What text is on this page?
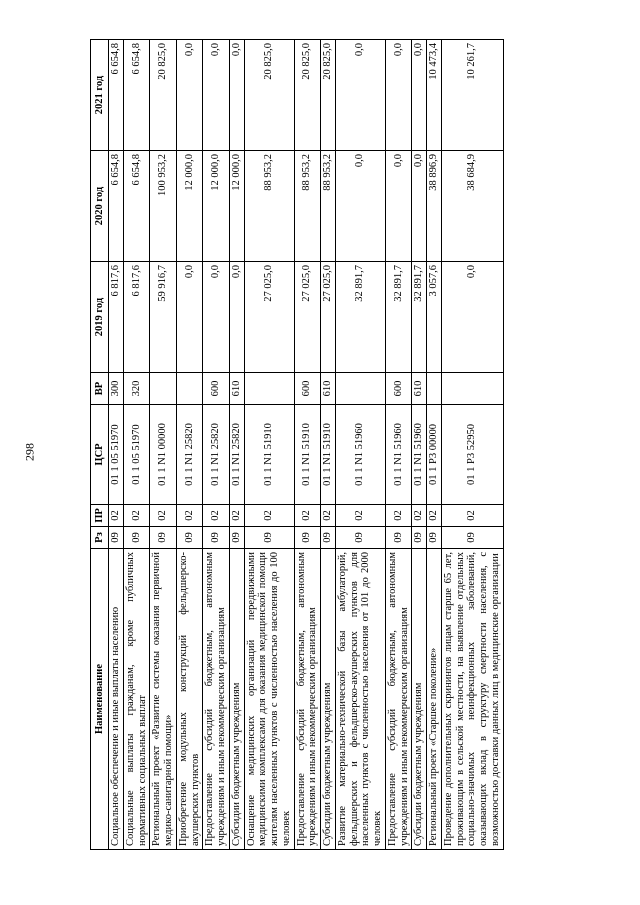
298
Наименование	Рз	ПР	ЦСР	ВР	2019 год	2020 год	2021 год
Социальное обеспечение и иные выплаты населению	09	02	01 1 05 51970	300	6 817,6	6 654,8	6 654,8
Социальные выплаты гражданам, кроме публичных нормативных социальных выплат	09	02	01 1 05 51970	320	6 817,6	6 654,8	6 654,8
Региональный проект «Развитие системы оказания первичной медико-санитарной помощи»	09	02	01 1 N1 00000		59 916,7	100 953,2	20 825,0
Приобретение модульных конструкций фельдшерско-акушерских пунктов	09	02	01 1 N1 25820		0,0	12 000,0	0,0
Предоставление субсидий бюджетным, автономным учреждениям и иным некоммерческим организациям	09	02	01 1 N1 25820	600	0,0	12 000,0	0,0
Субсидии бюджетным учреждениям	09	02	01 1 N1 25820	610	0,0	12 000,0	0,0
Оснащение медицинских организаций передвижными медицинскими комплексами для оказания медицинской помощи жителям населенных пунктов с численностью населения до 100 человек	09	02	01 1 N1 51910		27 025,0	88 953,2	20 825,0
Предоставление субсидий бюджетным, автономным учреждениям и иным некоммерческим организациям	09	02	01 1 N1 51910	600	27 025,0	88 953,2	20 825,0
Субсидии бюджетным учреждениям	09	02	01 1 N1 51910	610	27 025,0	88 953,2	20 825,0
Развитие материально-технической базы амбулаторий, фельдшерских и фельдшерско-акушерских пунктов для населенных пунктов с численностью населения от 101 до 2000 человек	09	02	01 1 N1 51960		32 891,7	0,0	0,0
Предоставление субсидий бюджетным, автономным учреждениям и иным некоммерческим организациям	09	02	01 1 N1 51960	600	32 891,7	0,0	0,0
Субсидии бюджетным учреждениям	09	02	01 1 N1 51960	610	32 891,7	0,0	0,0
Региональный проект «Старшее поколение»	09	02	01 1 P3 00000		3 057,6	38 896,9	10 473,4
Проведение дополнительных скринингов лицам старше 65 лет, проживающим в сельской местности, на выявление отдельных социально-значимых неинфекционных заболеваний, оказывающих вклад в структуру смертности населения, с возможностью доставки данных лиц в медицинские организации	09	02	01 1 P3 52950		0,0	38 684,9	10 261,7
